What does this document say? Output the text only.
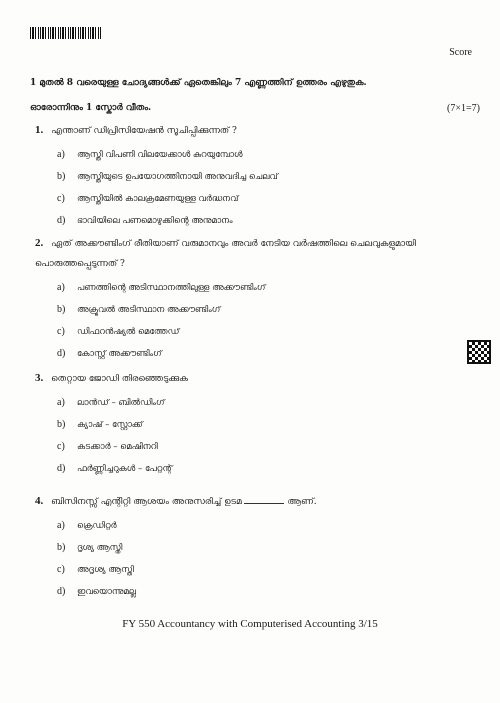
Score
1 മുതൽ 8 വരെയുള്ള ചോദ്യങ്ങൾക്ക് ഏതെങ്കിലും 7 എണ്ണത്തിന് ഉത്തരം എഴുതുക.
ഓരോന്നിനും 1 സ്കോർ വീതം.	(7×1=7)
1. എന്താണ് ഡിപ്രിസിയേഷൻ സൂചിപ്പിക്കുന്നത് ?
a) ആസ്തി വിപണി വിലയേക്കാൾ കുറയുമ്പോൾ
b) ആസ്തിയുടെ ഉപയോഗത്തിനായി അനുവദിച്ച ചെലവ്
c) ആസ്തിയിൽ കാലക്രമേണയുള്ള വർദ്ധനവ്
d) ഭാവിയിലെ പണമൊഴുക്കിന്റെ അനുമാനം
2. ഏത് അക്കൗണ്ടിംഗ് രീതിയാണ് വരുമാനവും അവർ നേടിയ വർഷത്തിലെ ചെലവുകളുമായി പൊരുത്തപ്പെടുന്നത് ?
a) പണത്തിന്റെ അടിസ്ഥാനത്തിലുള്ള അക്കൗണ്ടിംഗ്
b) അക്രൂവൽ അടിസ്ഥാന അക്കൗണ്ടിംഗ്
c) ഡിഫറൻഷ്യൽ മെത്തേഡ്
d) കോസ്റ്റ് അക്കൗണ്ടിംഗ്
3. തെറ്റായ ജോഡി തിരഞ്ഞെടുക്കുക
a) ലാൻഡ് – ബിൽഡിംഗ്
b) ക്യാഷ് – സ്റ്റോക്ക്
c) കടക്കാർ – മെഷിനറി
d) ഫർണ്ണിച്ചറുകൾ – പേറ്റന്റ്
4. ബിസിനസ്സ് എന്റിറ്റി ആശയം അനുസരിച്ച് ഉടമ	ആണ്.
a) ക്രെഡിറ്റർ
b) ദൃശ്യ ആസ്തി
c) അദൃശ്യ ആസ്തി
d) ഇവയൊന്നുമല്ല
FY 550 Accountancy with Computerised Accounting 3/15
